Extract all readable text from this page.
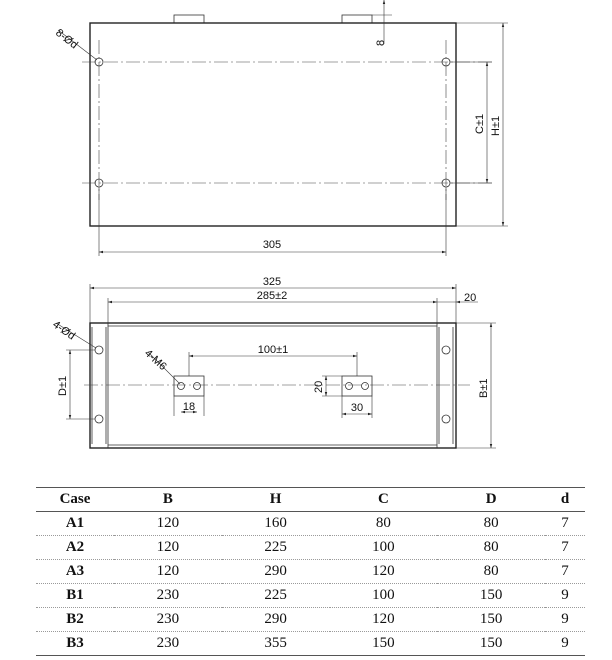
8-Ød	8
C±1 H±1
305
4-Ød
4-M6
D±1	B±1
325
285±2	20
100±1
18
20
30
Case	B	H	C	D	d
A1	120	160	80	80	7
A2	120	225	100	80	7
A3	120	290	120	80	7
B1	230	225	100	150	9
B2	230	290	120	150	9
B3	230	355	150	150	9
